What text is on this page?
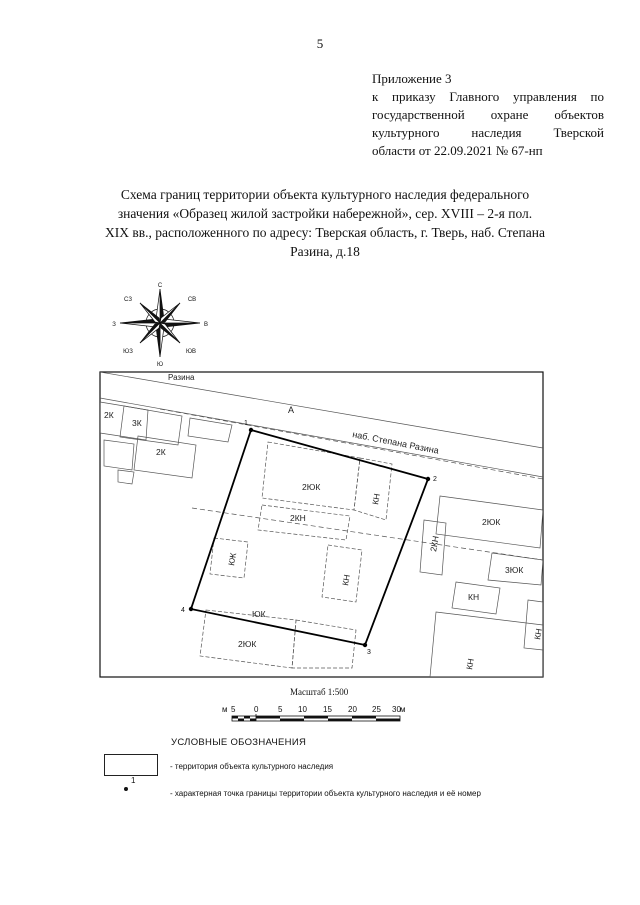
5
Приложение 3
к приказу Главного управления по
государственной охране объектов
культурного наследия Тверской
области от 22.09.2021 № 67-нп
Схема границ территории объекта культурного наследия федерального
значения «Образец жилой застройки набережной», сер. XVIII – 2-я пол.
XIX вв., расположенного по адресу: Тверская область, г. Тверь, наб. Степана
Разина, д.18
С
Ю
В
З
СВ
СЗ
ЮВ
ЮЗ
1
2
3
4
Разина
А
наб. Степана Разина
2К
3К
2К
2ЮК
КН
2КН	2ЮК
2КН
КЖ
КН
3ЮК
КН
ЮК
2ЮК
КН
КН
Масштаб 1:500
м	м
5 0 5 10 15 20 25 30
УСЛОВНЫЕ ОБОЗНАЧЕНИЯ
- территория объекта культурного наследия
1
- характерная точка границы территории объекта культурного наследия и её номер
